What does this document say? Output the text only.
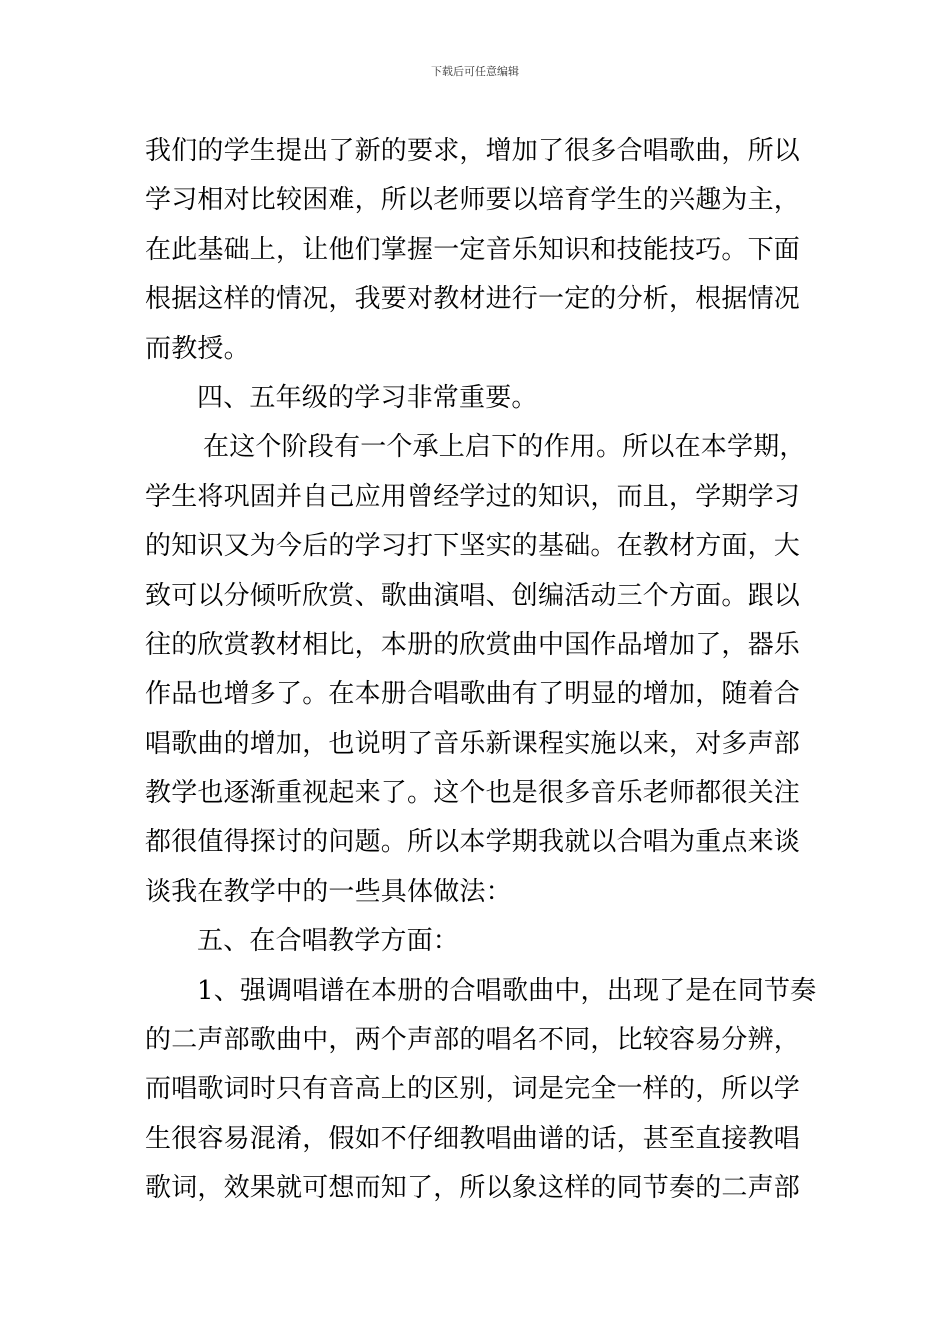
下载后可任意编辑
我们的学生提出了新的要求，增加了很多合唱歌曲，所以
学习相对比较困难，所以老师要以培育学生的兴趣为主，
在此基础上，让他们掌握一定音乐知识和技能技巧。下面
根据这样的情况，我要对教材进行一定的分析，根据情况
而教授。
四、五年级的学习非常重要。
在这个阶段有一个承上启下的作用。所以在本学期，
学生将巩固并自己应用曾经学过的知识，而且，学期学习
的知识又为今后的学习打下坚实的基础。在教材方面，大
致可以分倾听欣赏、歌曲演唱、创编活动三个方面。跟以
往的欣赏教材相比，本册的欣赏曲中国作品增加了，器乐
作品也增多了。在本册合唱歌曲有了明显的增加，随着合
唱歌曲的增加，也说明了音乐新课程实施以来，对多声部
教学也逐渐重视起来了。这个也是很多音乐老师都很关注
都很值得探讨的问题。所以本学期我就以合唱为重点来谈
谈我在教学中的一些具体做法：
五、在合唱教学方面：
1、强调唱谱在本册的合唱歌曲中，出现了是在同节奏
的二声部歌曲中，两个声部的唱名不同，比较容易分辨，
而唱歌词时只有音高上的区别，词是完全一样的，所以学
生很容易混淆，假如不仔细教唱曲谱的话，甚至直接教唱
歌词，效果就可想而知了，所以象这样的同节奏的二声部
